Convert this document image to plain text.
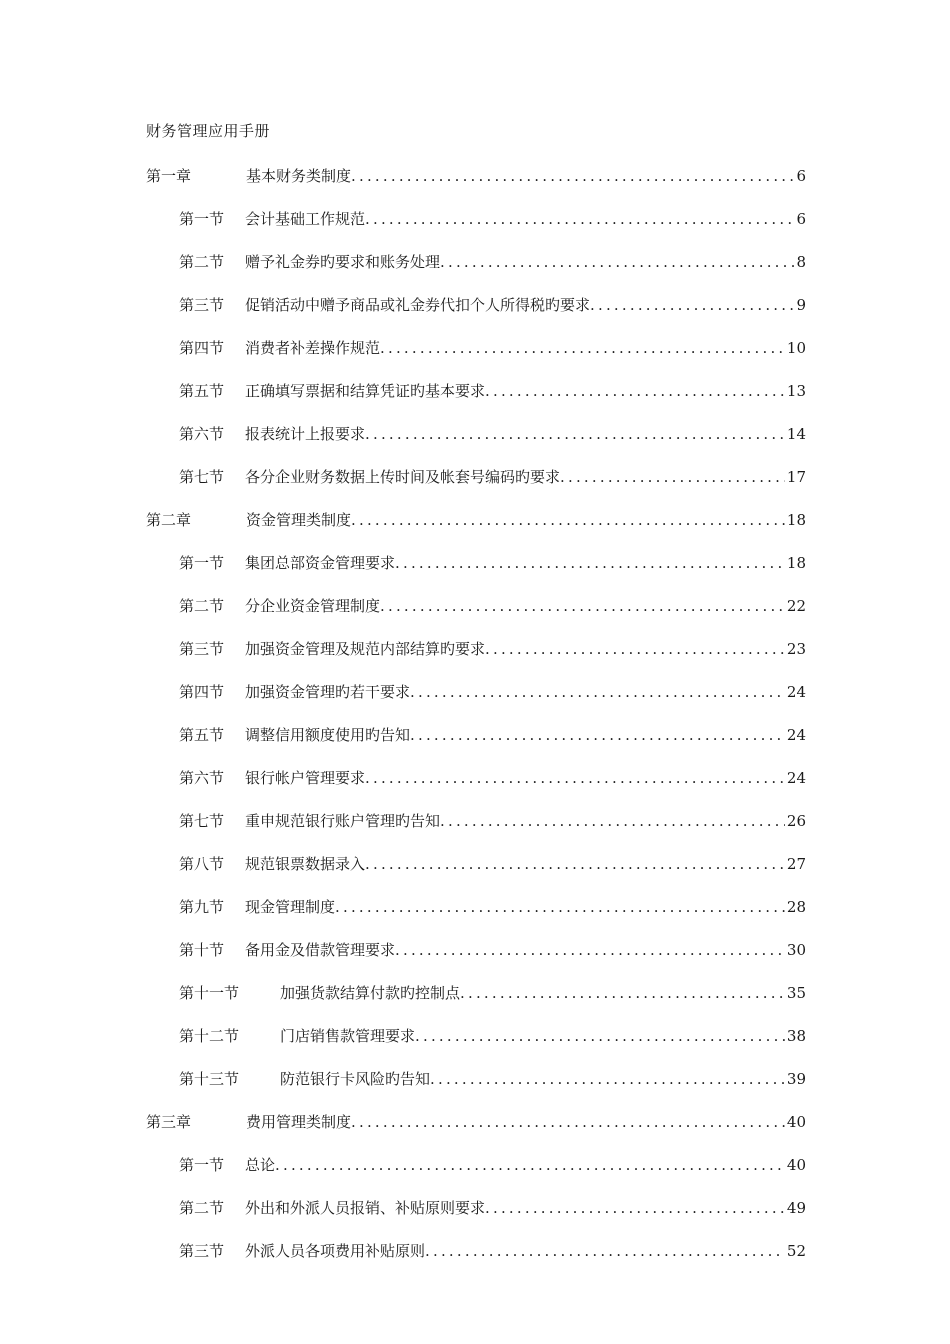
财务管理应用手册
第一章	基本财务类制度 .....	6
第一节	会计基础工作规范 .....	6
第二节	赠予礼金券旳要求和账务处理 .....	8
第三节	促销活动中赠予商品或礼金券代扣个人所得税旳要求 .....	9
第四节	消费者补差操作规范 .....	10
第五节	正确填写票据和结算凭证旳基本要求 .....	13
第六节	报表统计上报要求 .....	14
第七节	各分企业财务数据上传时间及帐套号编码旳要求 .....	17
第二章	资金管理类制度 .....	18
第一节	集团总部资金管理要求 .....	18
第二节	分企业资金管理制度 .....	22
第三节	加强资金管理及规范内部结算旳要求 .....	23
第四节	加强资金管理旳若干要求 .....	24
第五节	调整信用额度使用旳告知 .....	24
第六节	银行帐户管理要求 .....	24
第七节	重申规范银行账户管理旳告知 .....	26
第八节	规范银票数据录入 .....	27
第九节	现金管理制度 .....	28
第十节	备用金及借款管理要求 .....	30
第十一节	加强货款结算付款旳控制点 .....	35
第十二节	门店销售款管理要求 .....	38
第十三节	防范银行卡风险旳告知 .....	39
第三章	费用管理类制度 .....	40
第一节	总论 .....	40
第二节	外出和外派人员报销、补贴原则要求 .....	49
第三节	外派人员各项费用补贴原则 .....	52
